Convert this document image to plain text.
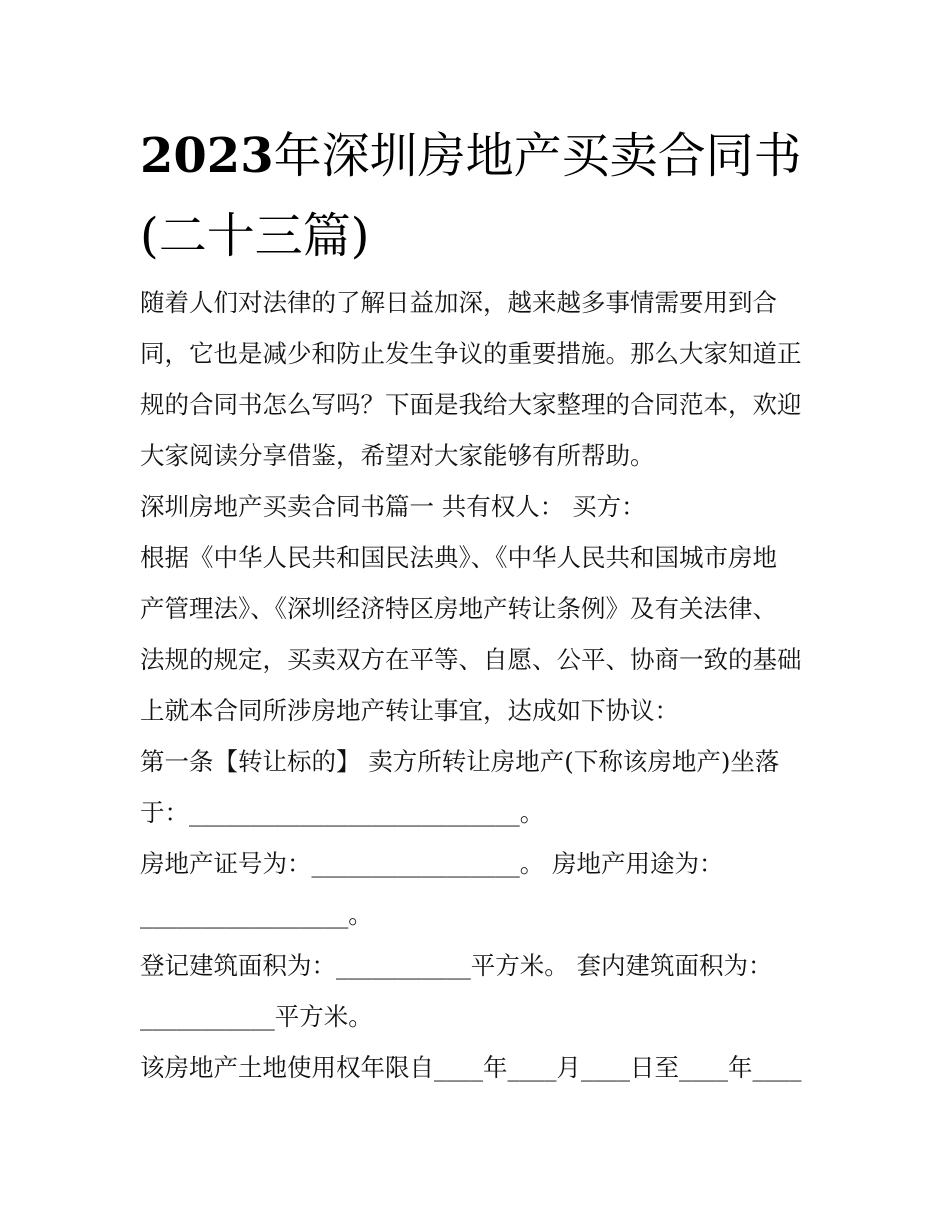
2023年深圳房地产买卖合同书
(二十三篇)
随着人们对法律的了解日益加深，越来越多事情需要用到合
同，它也是减少和防止发生争议的重要措施。那么大家知道正
规的合同书怎么写吗？下面是我给大家整理的合同范本，欢迎
大家阅读分享借鉴，希望对大家能够有所帮助。
深圳房地产买卖合同书篇一 共有权人： 买方：
根据《中华人民共和国民法典》、《中华人民共和国城市房地
产管理法》、《深圳经济特区房地产转让条例》及有关法律、
法规的规定，买卖双方在平等、自愿、公平、协商一致的基础
上就本合同所涉房地产转让事宜，达成如下协议：
第一条【转让标的】 卖方所转让房地产(下称该房地产)坐落
于：___________________________。
房地产证号为：_________________。 房地产用途为：
_________________。
登记建筑面积为：___________平方米。 套内建筑面积为：
___________平方米。
该房地产土地使用权年限自____年____月____日至____年____
